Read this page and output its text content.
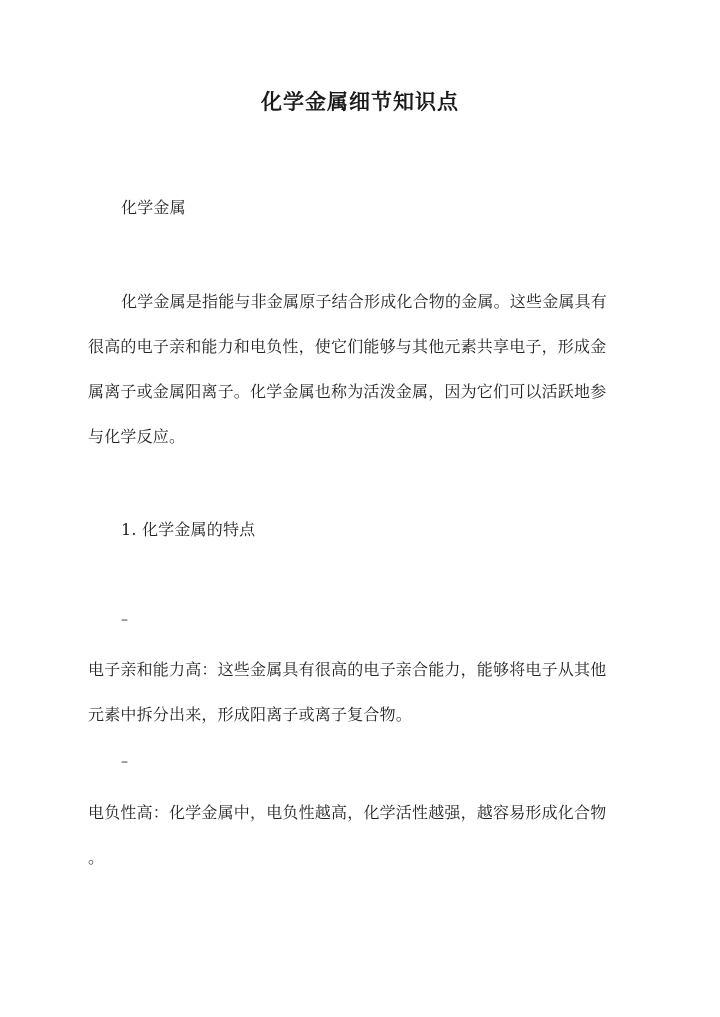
化学金属细节知识点
化学金属
化学金属是指能与非金属原子结合形成化合物的金属。这些金属具有
很高的电子亲和能力和电负性，使它们能够与其他元素共享电子，形成金
属离子或金属阳离子。化学金属也称为活泼金属，因为它们可以活跃地参
与化学反应。
1. 化学金属的特点
–
电子亲和能力高：这些金属具有很高的电子亲合能力，能够将电子从其他
元素中拆分出来，形成阳离子或离子复合物。
–
电负性高：化学金属中，电负性越高，化学活性越强，越容易形成化合物
。
